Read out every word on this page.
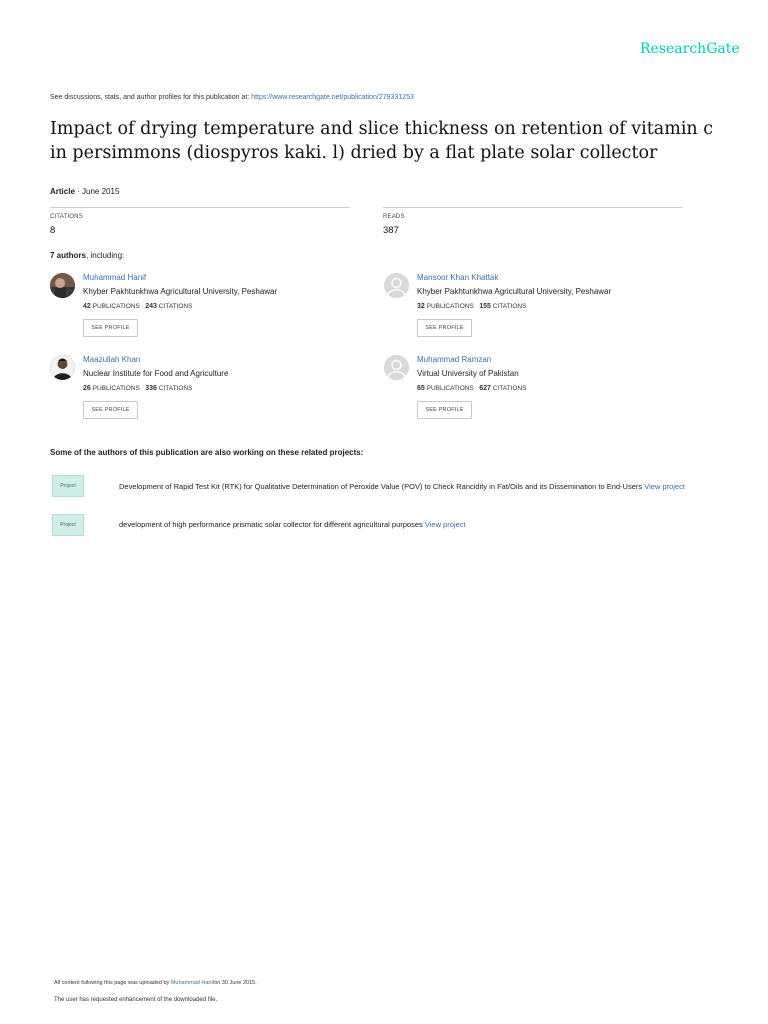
ResearchGate
See discussions, stats, and author profiles for this publication at: https://www.researchgate.net/publication/279331253
Impact of drying temperature and slice thickness on retention of vitamin c in persimmons (diospyros kaki. l) dried by a flat plate solar collector
Article · June 2015
CITATIONS
8
READS
387
7 authors, including:
Muhammad Hanif
Khyber Pakhtunkhwa Agricultural University, Peshawar
42 PUBLICATIONS 243 CITATIONS
SEE PROFILE
Mansoor Khan Khattak
Khyber Pakhtunkhwa Agricultural University, Peshawar
32 PUBLICATIONS 155 CITATIONS
SEE PROFILE
Maazullah Khan
Nuclear Institute for Food and Agriculture
26 PUBLICATIONS 336 CITATIONS
SEE PROFILE
Muhammad Ramzan
Virtual University of Pakistan
65 PUBLICATIONS 627 CITATIONS
SEE PROFILE
Some of the authors of this publication are also working on these related projects:
Project	Development of Rapid Test Kit (RTK) for Qualitative Determination of Peroxide Value (POV) to Check Rancidity in Fat/Oils and its Dissemination to End-Users View project
Project	development of high performance prismatic solar collector for different agricultural purposes View project
All content following this page was uploaded by Muhammad Hanifon 30 June 2015.
The user has requested enhancement of the downloaded file.
